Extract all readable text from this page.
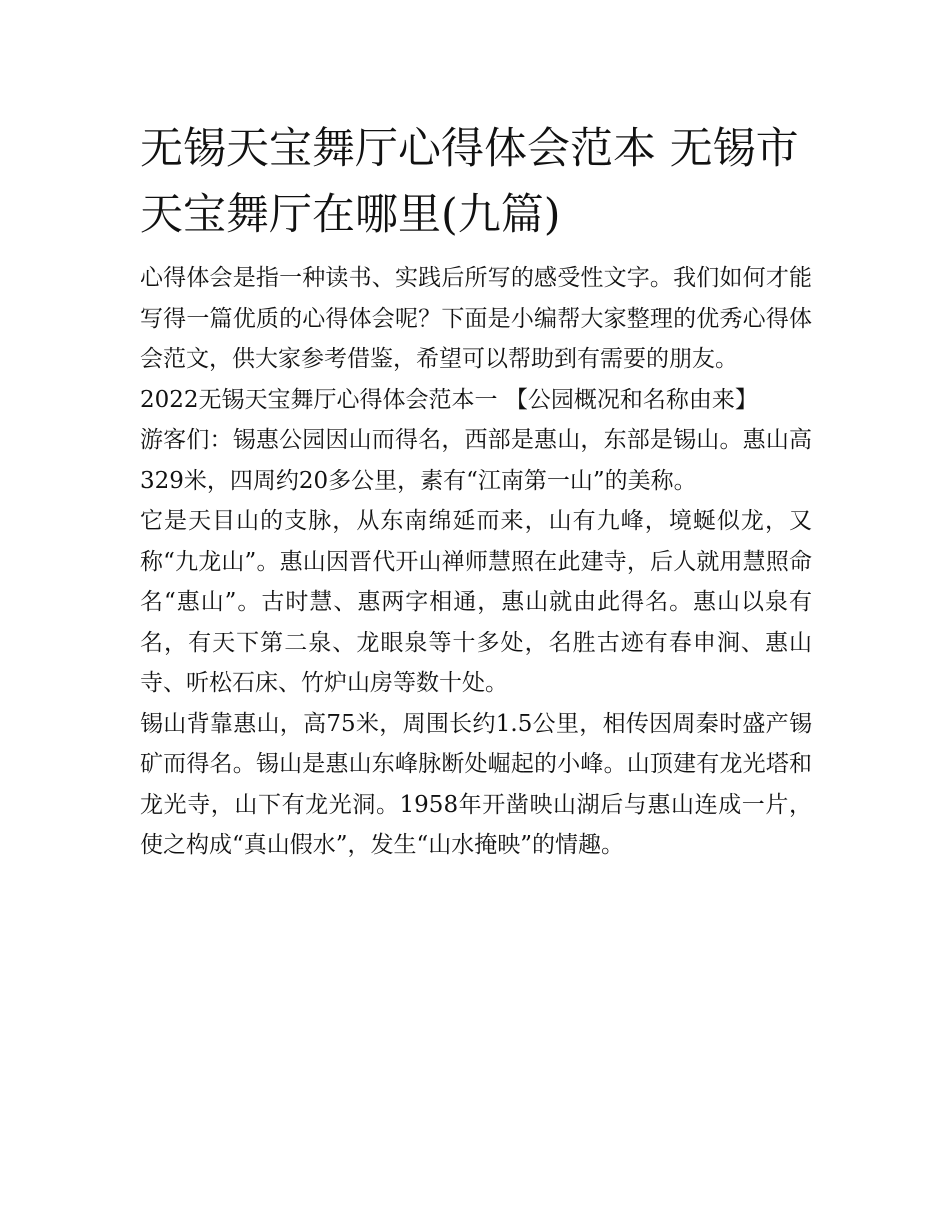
无锡天宝舞厅心得体会范本 无锡市天宝舞厅在哪里(九篇)

心得体会是指一种读书、实践后所写的感受性文字。我们如何才能写得一篇优质的心得体会呢？下面是小编帮大家整理的优秀心得体会范文，供大家参考借鉴，希望可以帮助到有需要的朋友。

2022无锡天宝舞厅心得体会范本一 【公园概况和名称由来】

游客们：锡惠公园因山而得名，西部是惠山，东部是锡山。惠山高329米，四周约20多公里，素有“江南第一山”的美称。

它是天目山的支脉，从东南绵延而来，山有九峰，境蜒似龙，又称“九龙山”。惠山因晋代开山禅师慧照在此建寺，后人就用慧照命名“惠山”。古时慧、惠两字相通，惠山就由此得名。惠山以泉有名，有天下第二泉、龙眼泉等十多处，名胜古迹有春申涧、惠山寺、听松石床、竹炉山房等数十处。

锡山背靠惠山，高75米，周围长约1.5公里，相传因周秦时盛产锡矿而得名。锡山是惠山东峰脉断处崛起的小峰。山顶建有龙光塔和龙光寺，山下有龙光洞。1958年开凿映山湖后与惠山连成一片，使之构成“真山假水”，发生“山水掩映”的情趣。
